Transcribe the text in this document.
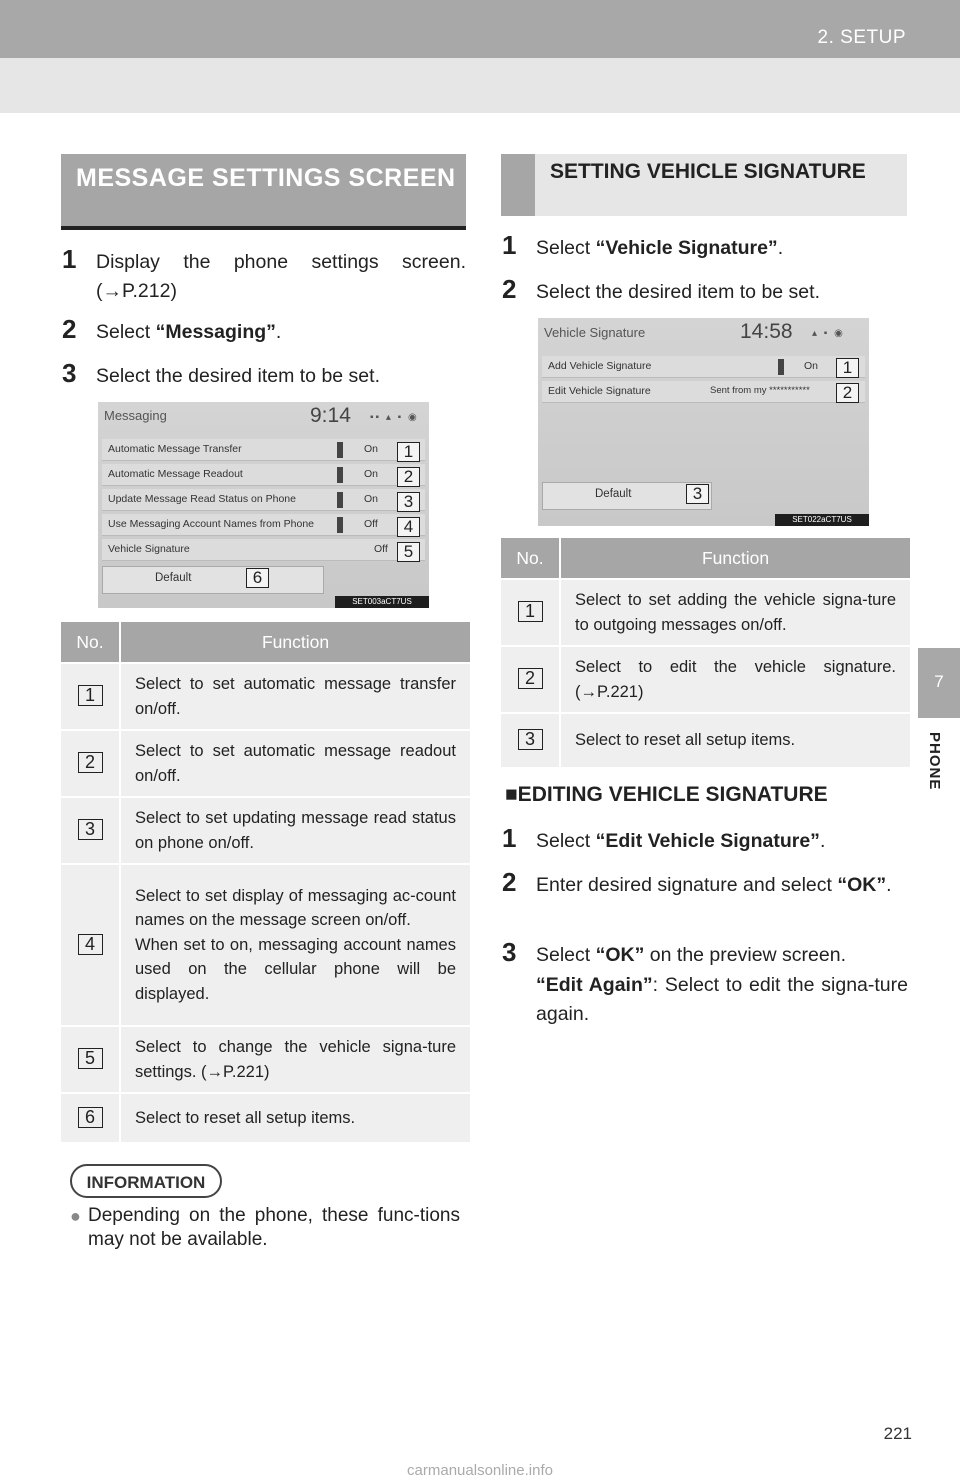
2. SETUP
7
PHONE
MESSAGE SETTINGS SCREEN
1	Display the phone settings screen. (→P.212)
2	Select “Messaging”.
3	Select the desired item to be set.
Messaging	9:14 ▪▪ ▴ ▪ ◉
Automatic Message Transfer	On
Automatic Message Readout	On
Update Message Read Status on Phone	On
Use Messaging Account Names from Phone	Off
Vehicle Signature	Off
Default
1
2
3
4
5
6
SET003aCT7US
No.	Function
1	Select to set automatic message transfer on/off.
2	Select to set automatic message readout on/off.
3	Select to set updating message read status on phone on/off.
4	Select to set display of messaging ac-count names on the message screen on/off.
When set to on, messaging account names used on the cellular phone will be displayed.

5	Select to change the vehicle signa-ture settings. (→P.221)
6	Select to reset all setup items.
INFORMATION
● Depending on the phone, these func-tions may not be available.
SETTING VEHICLE SIGNATURE
1	Select “Vehicle Signature”.
2	Select the desired item to be set.
Vehicle Signature	14:58 ▴ ▪ ◉
Add Vehicle Signature	On
Edit Vehicle Signature	Sent from my ***********
Default
1
2
3
SET022aCT7US
No.	Function
1	Select to set adding the vehicle signa-ture to outgoing messages on/off.
2	Select to edit the vehicle signature. (→P.221)
3	Select to reset all setup items.
■EDITING VEHICLE SIGNATURE
1	Select “Edit Vehicle Signature”.
2	Enter desired signature and select “OK”.
3	Select “OK” on the preview screen.
“Edit Again”: Select to edit the signa-ture again.
221
carmanualsonline.info
